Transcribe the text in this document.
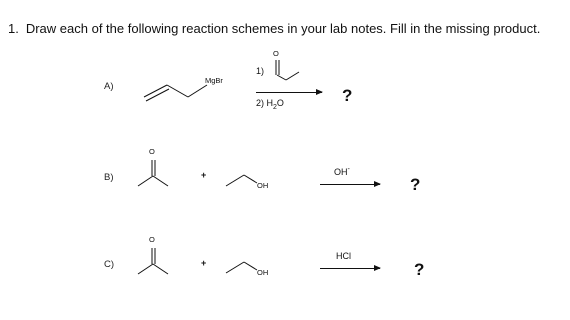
1. Draw each of the following reaction schemes in your lab notes. Fill in the missing product.
A)
MgBr
1)
O
2) $H_2O$	?
B)
O
+
OH
OH-
?
C)
O
+
OH
HCl
?
